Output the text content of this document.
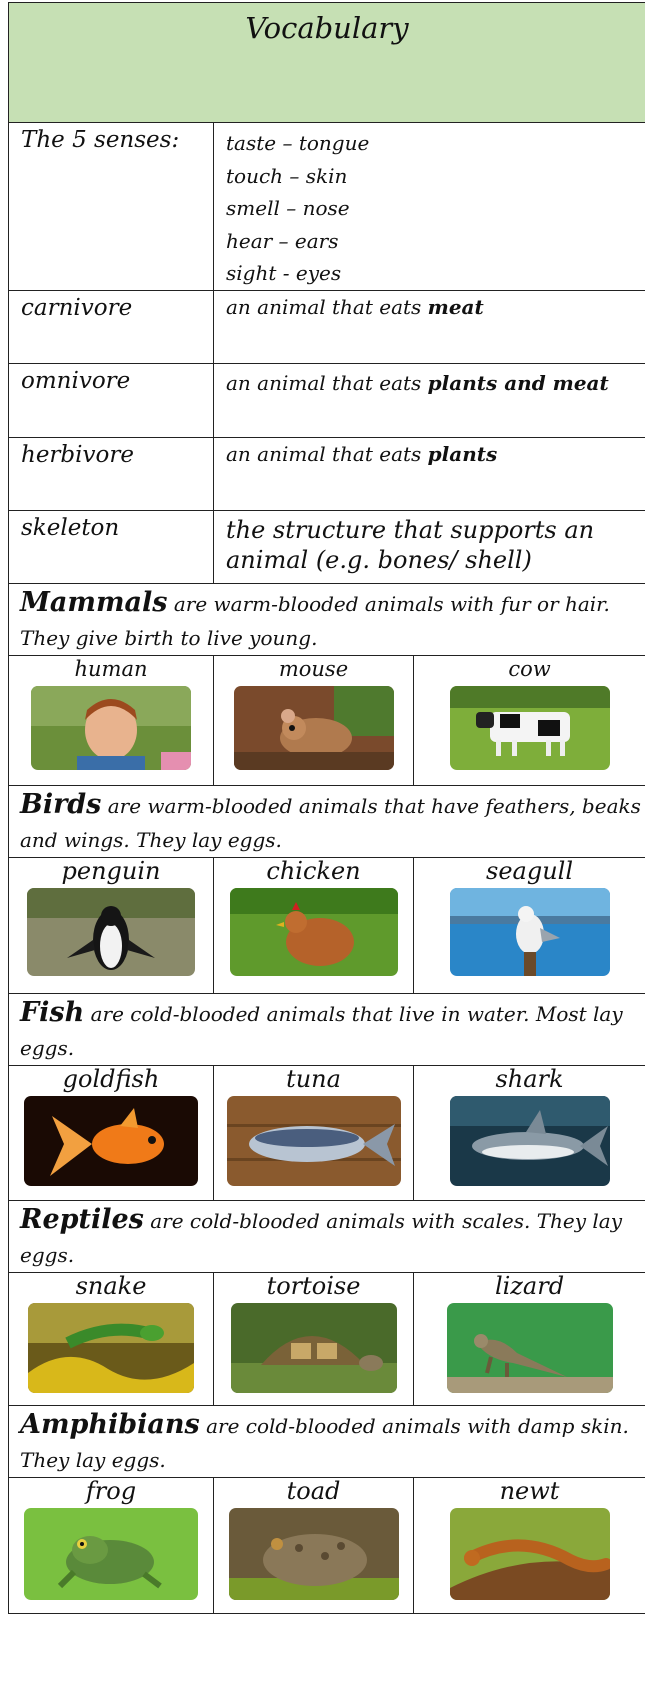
Vocabulary		

The 5 senses:	taste – tongue
touch – skin
smell – nose
hear – ears
sight - eyes	

carnivore	an animal that eats meat	
omnivore	an animal that eats plants and meat	
herbivore	an animal that eats plants	
skeleton	the structure that supports an animal (e.g. bones/ shell)	
Mammals are warm-blooded animals with fur or hair. They give birth to live young.		

human	mouse	cow

Birds are warm-blooded animals that have feathers, beaks and wings. They lay eggs.		

penguin	chicken	seagull

Fish are cold-blooded animals that live in water. Most lay eggs.		

goldfish	tuna	shark

Reptiles are cold-blooded animals with scales. They lay eggs.		

snake	tortoise	lizard

Amphibians are cold-blooded animals with damp skin. They lay eggs.		

frog	toad	newt
